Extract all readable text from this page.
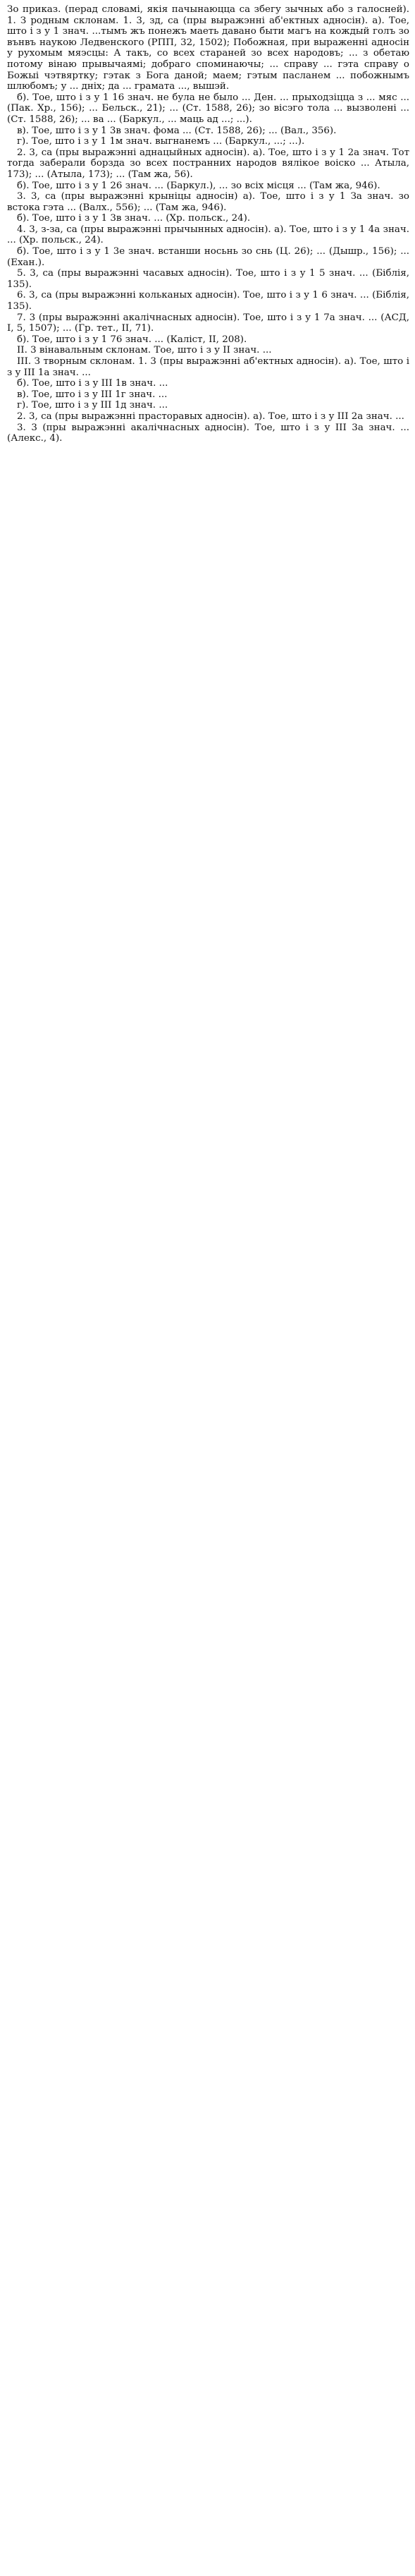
Зо приказ. (перад словамі, якія пачынаюцца са збегу зычных або з галосней). 1. З родным склонам. 1. 3, зд, са (пры выражэнні аб'ектных адносін). а). Тое, што і з у 1 знач. ...тымъ жъ понежъ маеть давано быти магъ на кождый голъ зо вънвъ наукою Ледвенского (РПП, 32, 1502); Побожная, при выраженні адносін у рухомым мяэсцы: А такъ, со всех стараней зо всех народовъ; ... з обетаю потому вінаю прывычаямі; добраго споминаючы; ... справу ... гэта справу о Божыі чэтвяртку; гэтак з Бога даной; маем; гэтым пасланем ... побожнымъ шлюбомъ; у ... дніх; да ... грамата ..., вышэй.

б). Тое, што і з у 1 16 знач. не була не было ... Ден. ... прыходзіцца з ... мяс ... (Пак. Хр., 156); ... Бельск., 21); ... (Ст. 1588, 26); зо вісэго тола ... вызволені ... (Ст. 1588, 26); ... ва ... (Баркул., ... маць ад ...; ...).

в). Тое, што і з у 1 3в знач. фома ... (Ст. 1588, 26); ... (Вал., 356).

г). Тое, што і з у 1 1м знач. выгнанемъ ... (Баркул., ...; ...).

2. 3, са (пры выражэнні аднацыйных адносін). а). Тое, што і з у 1 2а знач. Тот тогда заберали борзда зо всех постранних народов вялікое воіско ... Атыла, 173); ... (Атыла, 173); ... (Там жа, 56).

б). Тое, што і з у 1 26 знач. ... (Баркул.), ... зо всіх місця ... (Там жа, 946).

3. 3, са (пры выражэнні крыніцы адносін) а). Тое, што і з у 1 За знач. зо встока гэта ... (Валх., 556); ... (Там жа, 946).

б). Тое, што і з у 1 3в знач. ... (Хр. польск., 24).

4. 3, з-за, са (пры выражэнні прычынных адносін). а). Тое, што і з у 1 4а знач. ... (Хр. польск., 24).

б). Тое, што і з у 1 3е знач. встанши носьнь зо снь (Ц. 26); ... (Дышр., 156); ... (Ехан.).

5. 3, са (пры выражэнні часавых адносін). Тое, што і з у 1 5 знач. ... (Біблія, 135).

6. 3, са (пры выражэнні кольканых адносін). Тое, што і з у 1 6 знач. ... (Біблія, 135).

7. 3 (пры выражэнні акалічнасных адносін). Тое, што і з у 1 7а знач. ... (АСД, I, 5, 1507); ... (Гр. тет., II, 71).

б). Тое, што і з у 1 76 знач. ... (Каліст, II, 208).

II. 3 вінавальным склонам. Тое, што і з у II знач. ...

III. З творным склонам. 1. 3 (пры выражэнні аб'ектных адносін). а). Тое, што і з у III 1а знач. ...

б). Тое, што і з у III 1в знач. ...

в). Тое, што і з у III 1г знач. ...

г). Тое, што і з у III 1д знач. ...

2. 3, са (пры выражэнні прасторавых адносін). а). Тое, што і з у III 2а знач. ...

3. 3 (пры выражэнні акалічнасных адносін). Тое, што і з у III 3а знач. ... (Алекс., 4).
